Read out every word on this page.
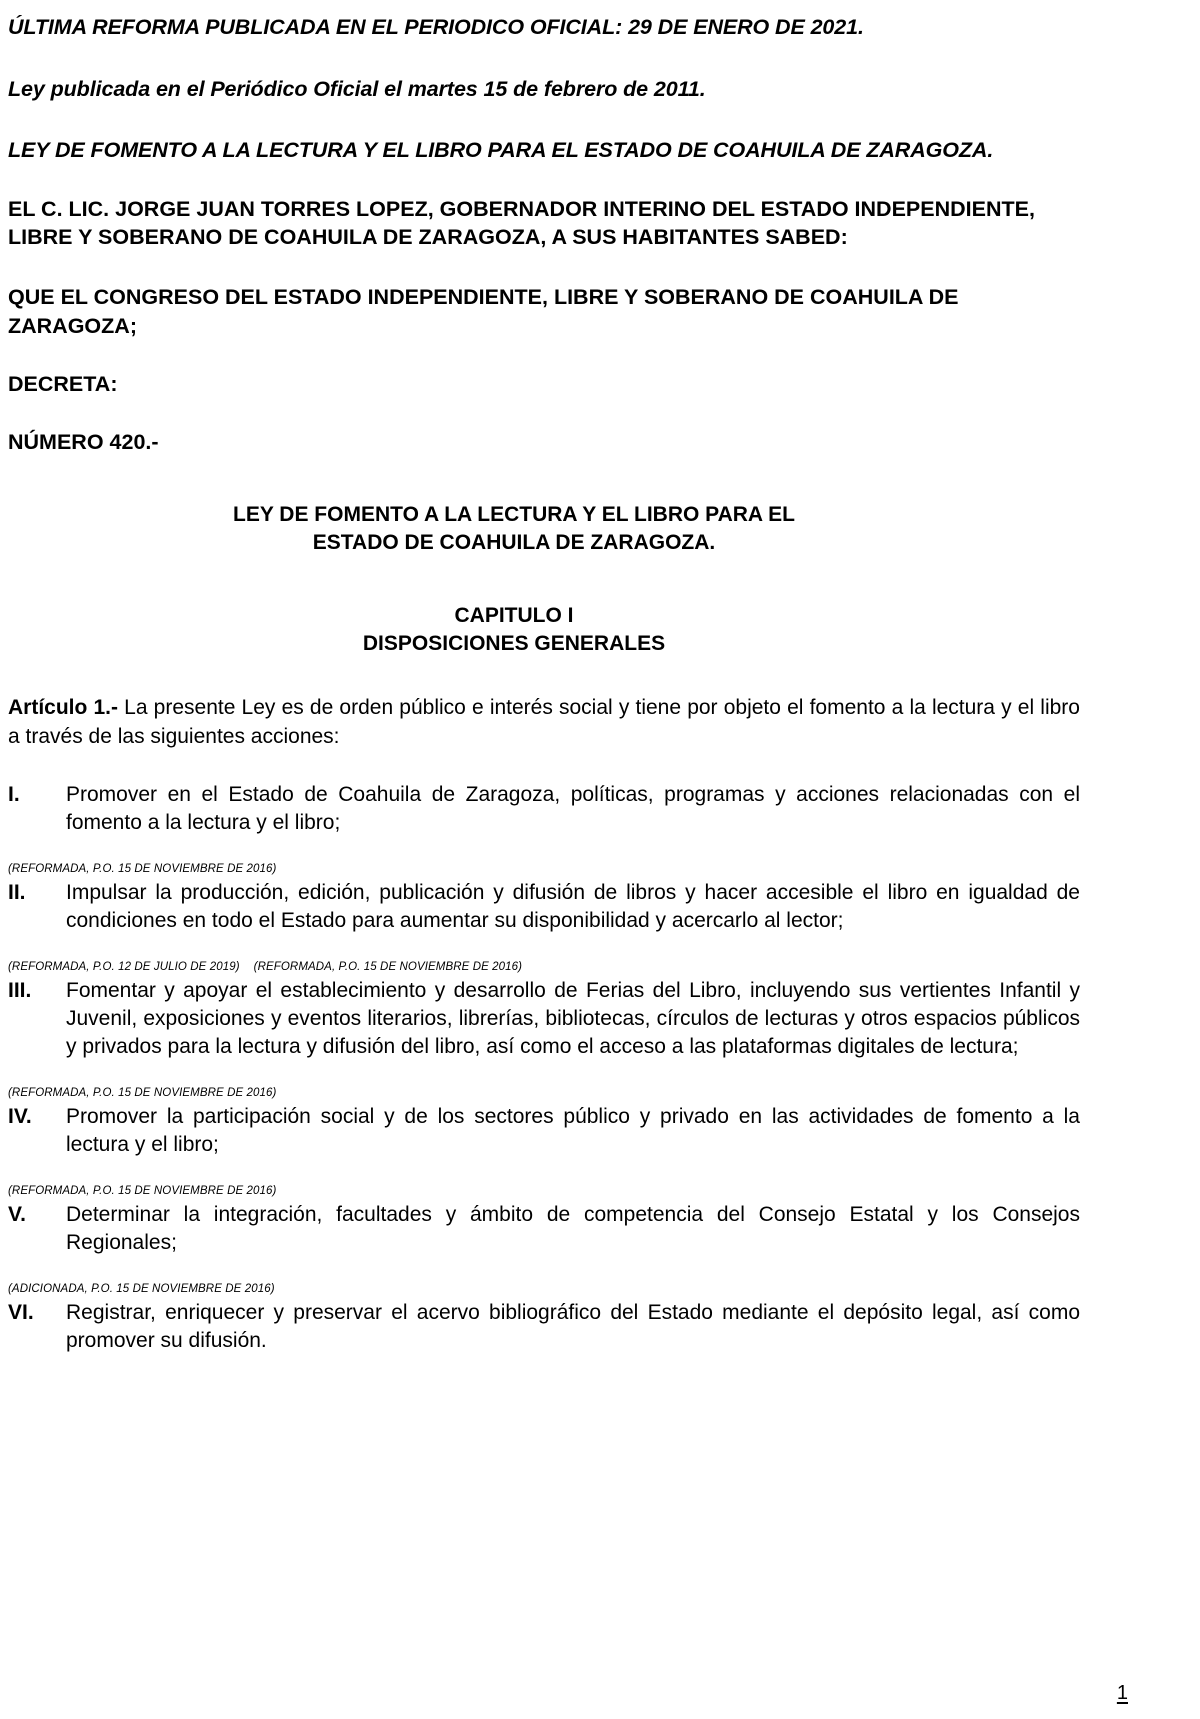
ÚLTIMA REFORMA PUBLICADA EN EL PERIODICO OFICIAL: 29 DE ENERO DE 2021.

Ley publicada en el Periódico Oficial el martes 15 de febrero de 2011.

LEY DE FOMENTO A LA LECTURA Y EL LIBRO PARA EL ESTADO DE COAHUILA DE ZARAGOZA.

EL C. LIC. JORGE JUAN TORRES LOPEZ, GOBERNADOR INTERINO DEL ESTADO INDEPENDIENTE, LIBRE Y SOBERANO DE COAHUILA DE ZARAGOZA, A SUS HABITANTES SABED:

QUE EL CONGRESO DEL ESTADO INDEPENDIENTE, LIBRE Y SOBERANO DE COAHUILA DE
ZARAGOZA;

DECRETA:

NÚMERO 420.-

LEY DE FOMENTO A LA LECTURA Y EL LIBRO PARA EL
ESTADO DE COAHUILA DE ZARAGOZA.
CAPITULO I
DISPOSICIONES GENERALES

Artículo 1.- La presente Ley es de orden público e interés social y tiene por objeto el fomento a la lectura y el libro a través de las siguientes acciones:

I.	Promover en el Estado de Coahuila de Zaragoza, políticas, programas y acciones relacionadas con el fomento a la lectura y el libro;
(REFORMADA, P.O. 15 DE NOVIEMBRE DE 2016)
II.	Impulsar la producción, edición, publicación y difusión de libros y hacer accesible el libro en igualdad de condiciones en todo el Estado para aumentar su disponibilidad y acercarlo al lector;
(REFORMADA, P.O. 12 DE JULIO DE 2019) (REFORMADA, P.O. 15 DE NOVIEMBRE DE 2016)
III.	Fomentar y apoyar el establecimiento y desarrollo de Ferias del Libro, incluyendo sus vertientes Infantil y Juvenil, exposiciones y eventos literarios, librerías, bibliotecas, círculos de lecturas y otros espacios públicos y privados para la lectura y difusión del libro, así como el acceso a las plataformas digitales de lectura;
(REFORMADA, P.O. 15 DE NOVIEMBRE DE 2016)
IV.	Promover la participación social y de los sectores público y privado en las actividades de fomento a la lectura y el libro;
(REFORMADA, P.O. 15 DE NOVIEMBRE DE 2016)
V.	Determinar la integración, facultades y ámbito de competencia del Consejo Estatal y los Consejos Regionales;
(ADICIONADA, P.O. 15 DE NOVIEMBRE DE 2016)
VI.	Registrar, enriquecer y preservar el acervo bibliográfico del Estado mediante el depósito legal, así como promover su difusión.
1
